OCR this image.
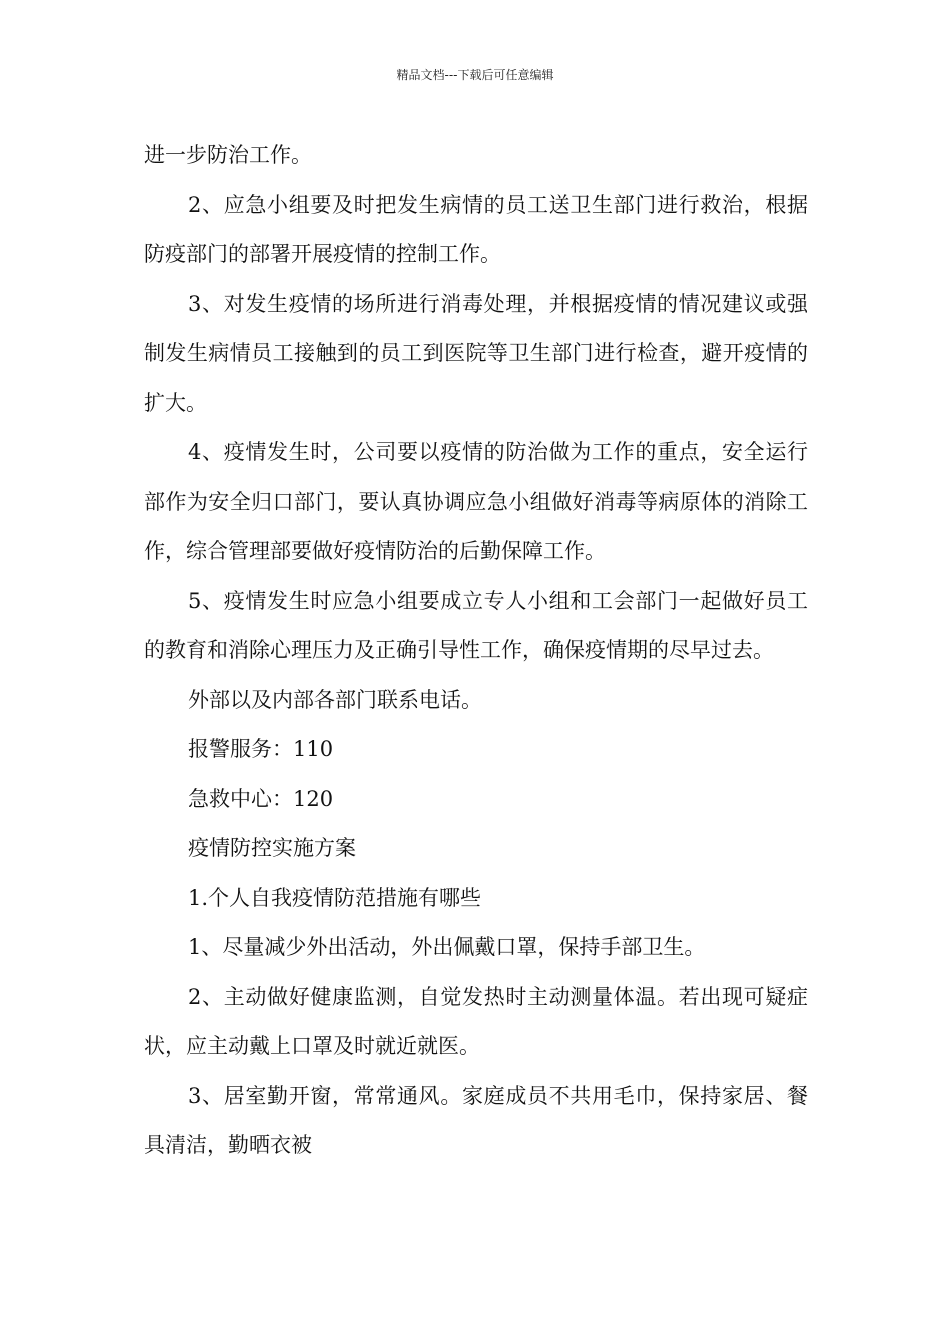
精品文档---下载后可任意编辑

进一步防治工作。

2、应急小组要及时把发生病情的员工送卫生部门进行救治，根据防疫部门的部署开展疫情的控制工作。

3、对发生疫情的场所进行消毒处理，并根据疫情的情况建议或强制发生病情员工接触到的员工到医院等卫生部门进行检查，避开疫情的扩大。

4、疫情发生时，公司要以疫情的防治做为工作的重点，安全运行部作为安全归口部门，要认真协调应急小组做好消毒等病原体的消除工作，综合管理部要做好疫情防治的后勤保障工作。

5、疫情发生时应急小组要成立专人小组和工会部门一起做好员工的教育和消除心理压力及正确引导性工作，确保疫情期的尽早过去。

外部以及内部各部门联系电话。

报警服务：110

急救中心：120

疫情防控实施方案

1.个人自我疫情防范措施有哪些

1、尽量减少外出活动，外出佩戴口罩，保持手部卫生。

2、主动做好健康监测，自觉发热时主动测量体温。若出现可疑症状，应主动戴上口罩及时就近就医。

3、居室勤开窗，常常通风。家庭成员不共用毛巾，保持家居、餐具清洁，勤晒衣被
